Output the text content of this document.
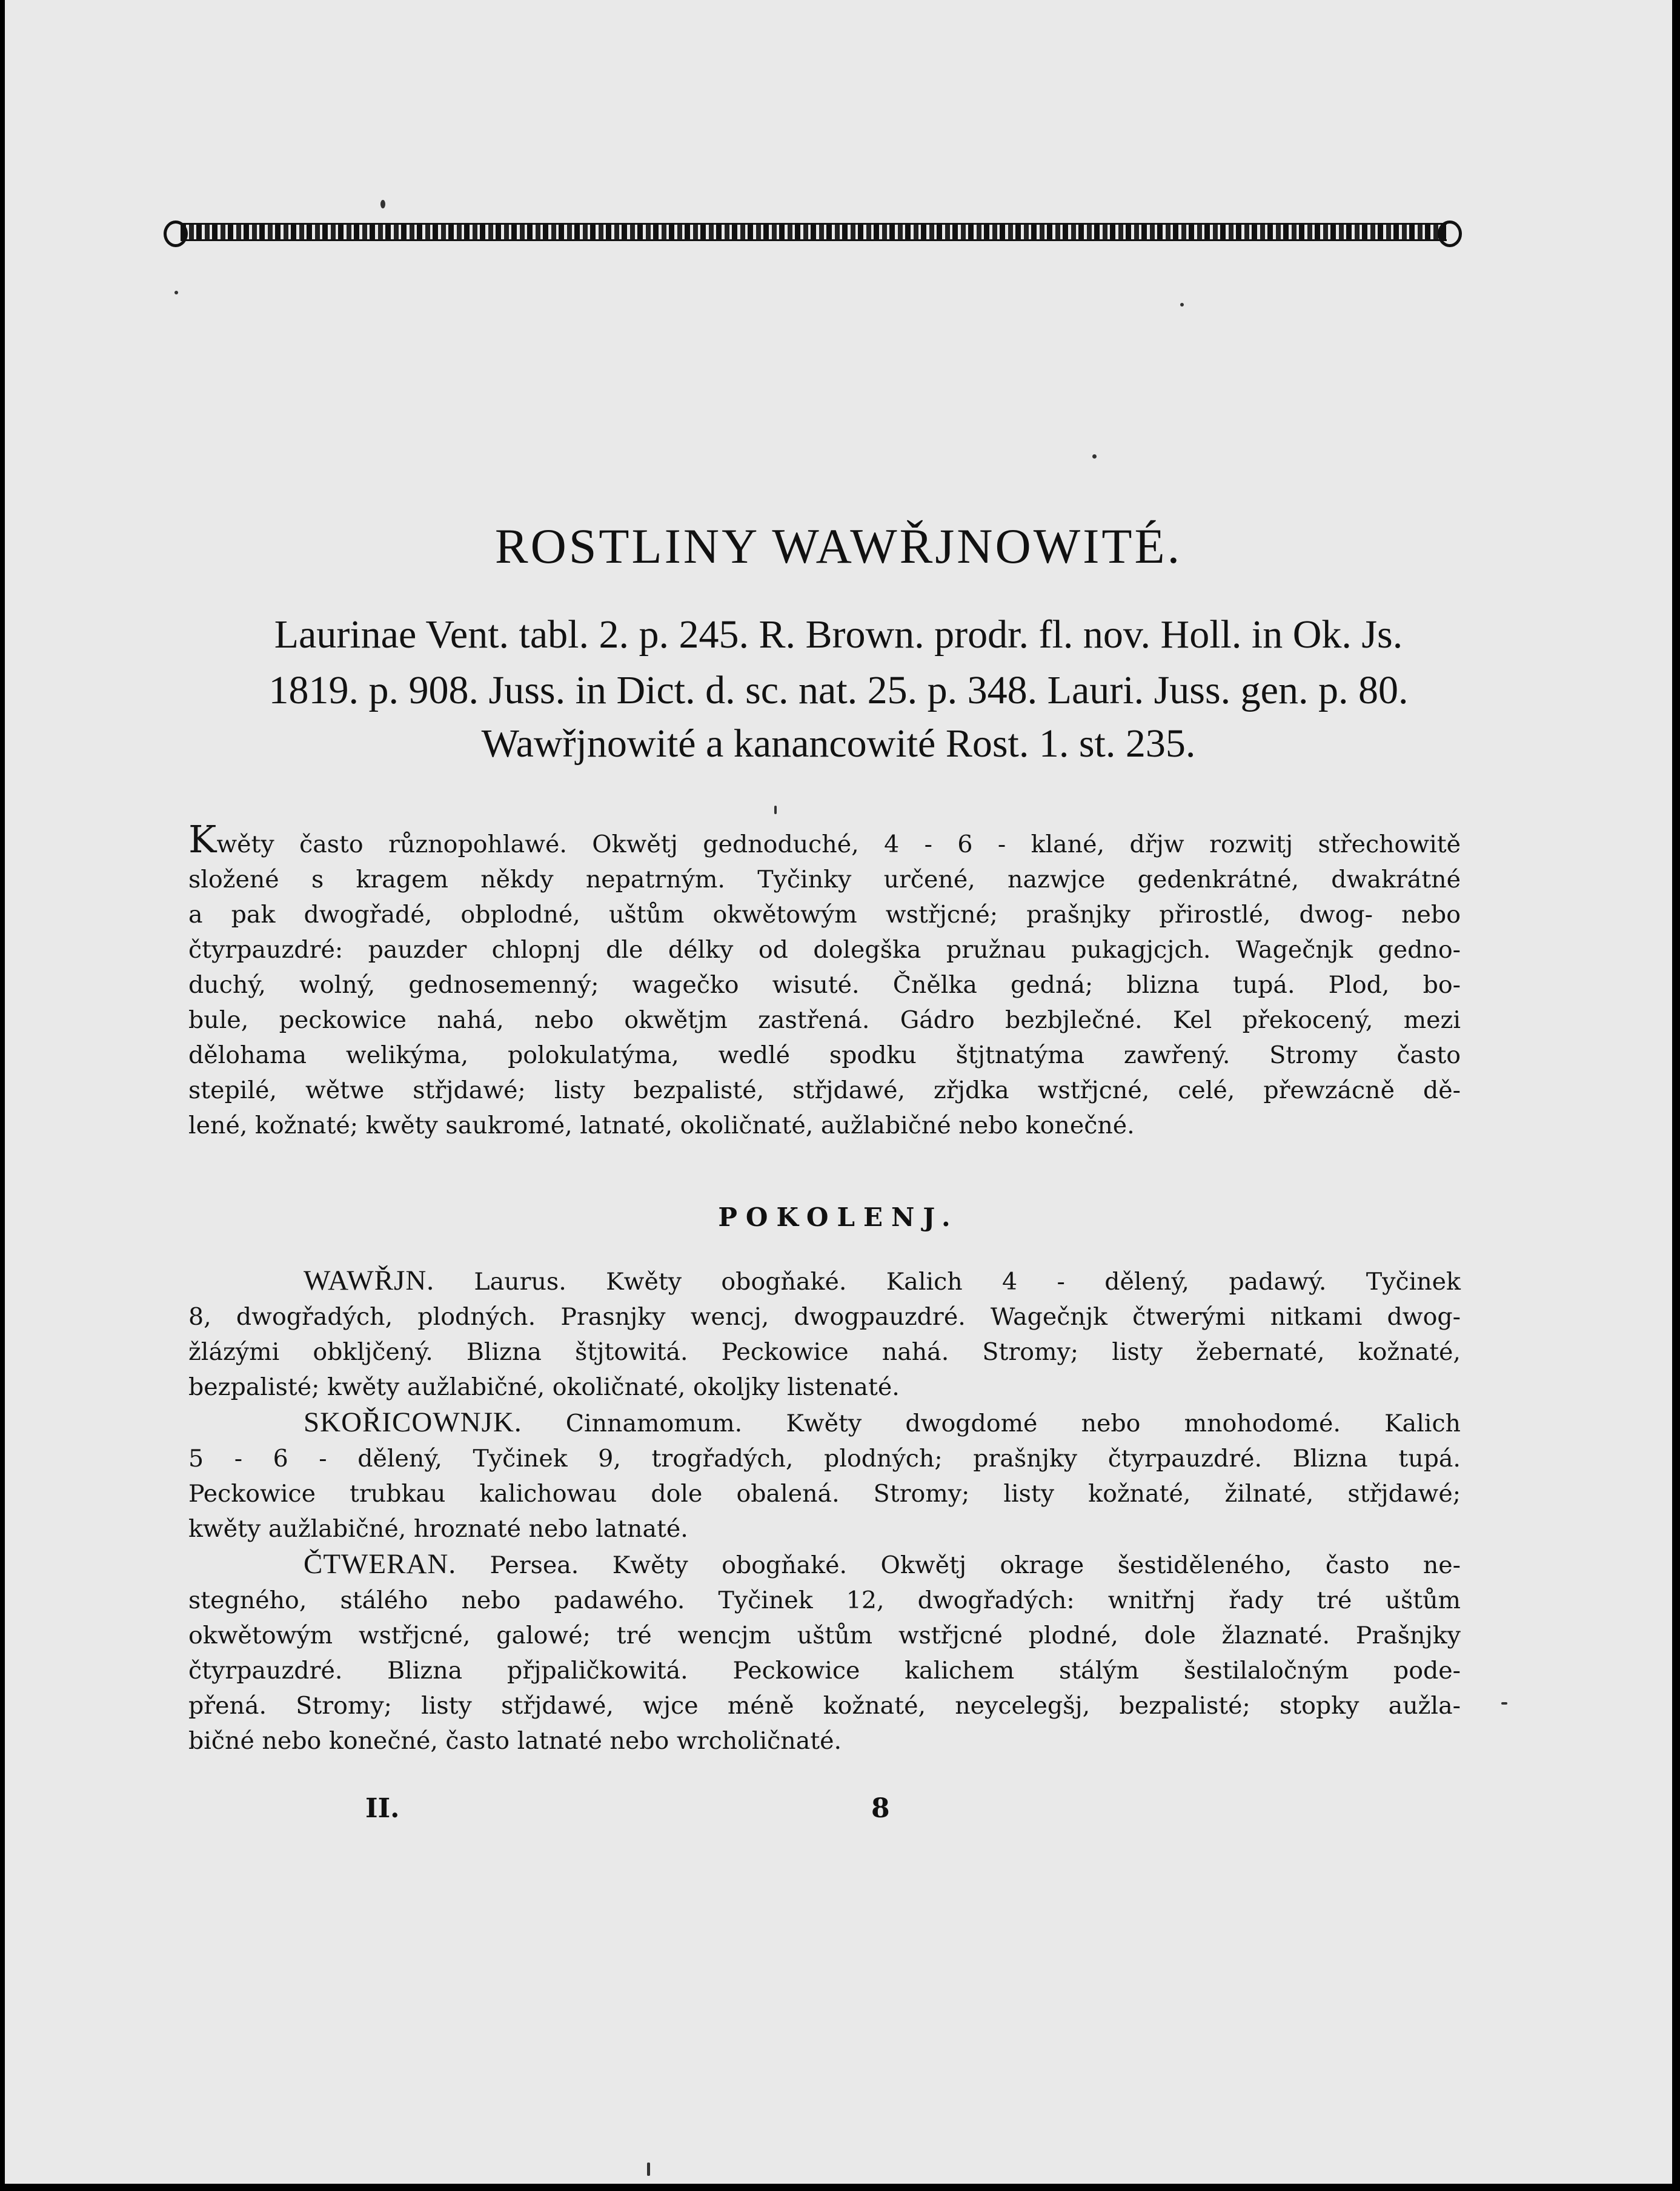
ROSTLINY WAWŘJNOWITÉ.
Laurinae Vent. tabl. 2. p. 245. R. Brown. prodr. fl. nov. Holl. in Ok. Js.
1819. p. 908. Juss. in Dict. d. sc. nat. 25. p. 348. Lauri. Juss. gen. p. 80.
Wawřjnowité a kanancowité Rost. 1. st. 235.
Kwěty často různopohlawé. Okwětj gednoduché, 4 - 6 - klané, dřjw rozwitj střechowitě
složené s kragem někdy nepatrným. Tyčinky určené, nazwjce gedenkrátné, dwakrátné
a pak dwogřadé, obplodné, uštům okwětowým wstřjcné; prašnjky přirostlé, dwog- nebo
čtyrpauzdré: pauzder chlopnj dle délky od dolegška pružnau pukagjcjch. Wagečnjk gedno-
duchý, wolný, gednosemenný; wagečko wisuté. Čnělka gedná; blizna tupá. Plod, bo-
bule, peckowice nahá, nebo okwětjm zastřená. Gádro bezbjlečné. Kel překocený, mezi
dělohama welikýma, polokulatýma, wedlé spodku štjtnatýma zawřený. Stromy často
stepilé, wětwe střjdawé; listy bezpalisté, střjdawé, zřjdka wstřjcné, celé, přewzácně dě-
lené, kožnaté; kwěty saukromé, latnaté, okoličnaté, aužlabičné nebo konečné.
POKOLENJ.
WAWŘJN. Laurus. Kwěty obogňaké. Kalich 4 - dělený, padawý. Tyčinek
8, dwogřadých, plodných. Prasnjky wencj, dwogpauzdré. Wagečnjk čtwerými nitkami dwog-
žlázými obkljčený. Blizna štjtowitá. Peckowice nahá. Stromy; listy žebernaté, kožnaté,
bezpalisté; kwěty aužlabičné, okoličnaté, okoljky listenaté.
SKOŘICOWNJK. Cinnamomum. Kwěty dwogdomé nebo mnohodomé. Kalich
5 - 6 - dělený, Tyčinek 9, trogřadých, plodných; prašnjky čtyrpauzdré. Blizna tupá.
Peckowice trubkau kalichowau dole obalená. Stromy; listy kožnaté, žilnaté, střjdawé;
kwěty aužlabičné, hroznaté nebo latnaté.
ČTWERAN. Persea. Kwěty obogňaké. Okwětj okrage šestiděleného, často ne-
stegného, stálého nebo padawého. Tyčinek 12, dwogřadých: wnitřnj řady tré uštům
okwětowým wstřjcné, galowé; tré wencjm uštům wstřjcné plodné, dole žlaznaté. Prašnjky
čtyrpauzdré. Blizna přjpaličkowitá. Peckowice kalichem stálým šestilaločným pode-
přená. Stromy; listy střjdawé, wjce méně kožnaté, neycelegšj, bezpalisté; stopky aužla-
bičné nebo konečné, často latnaté nebo wrcholičnaté.
II.	8
